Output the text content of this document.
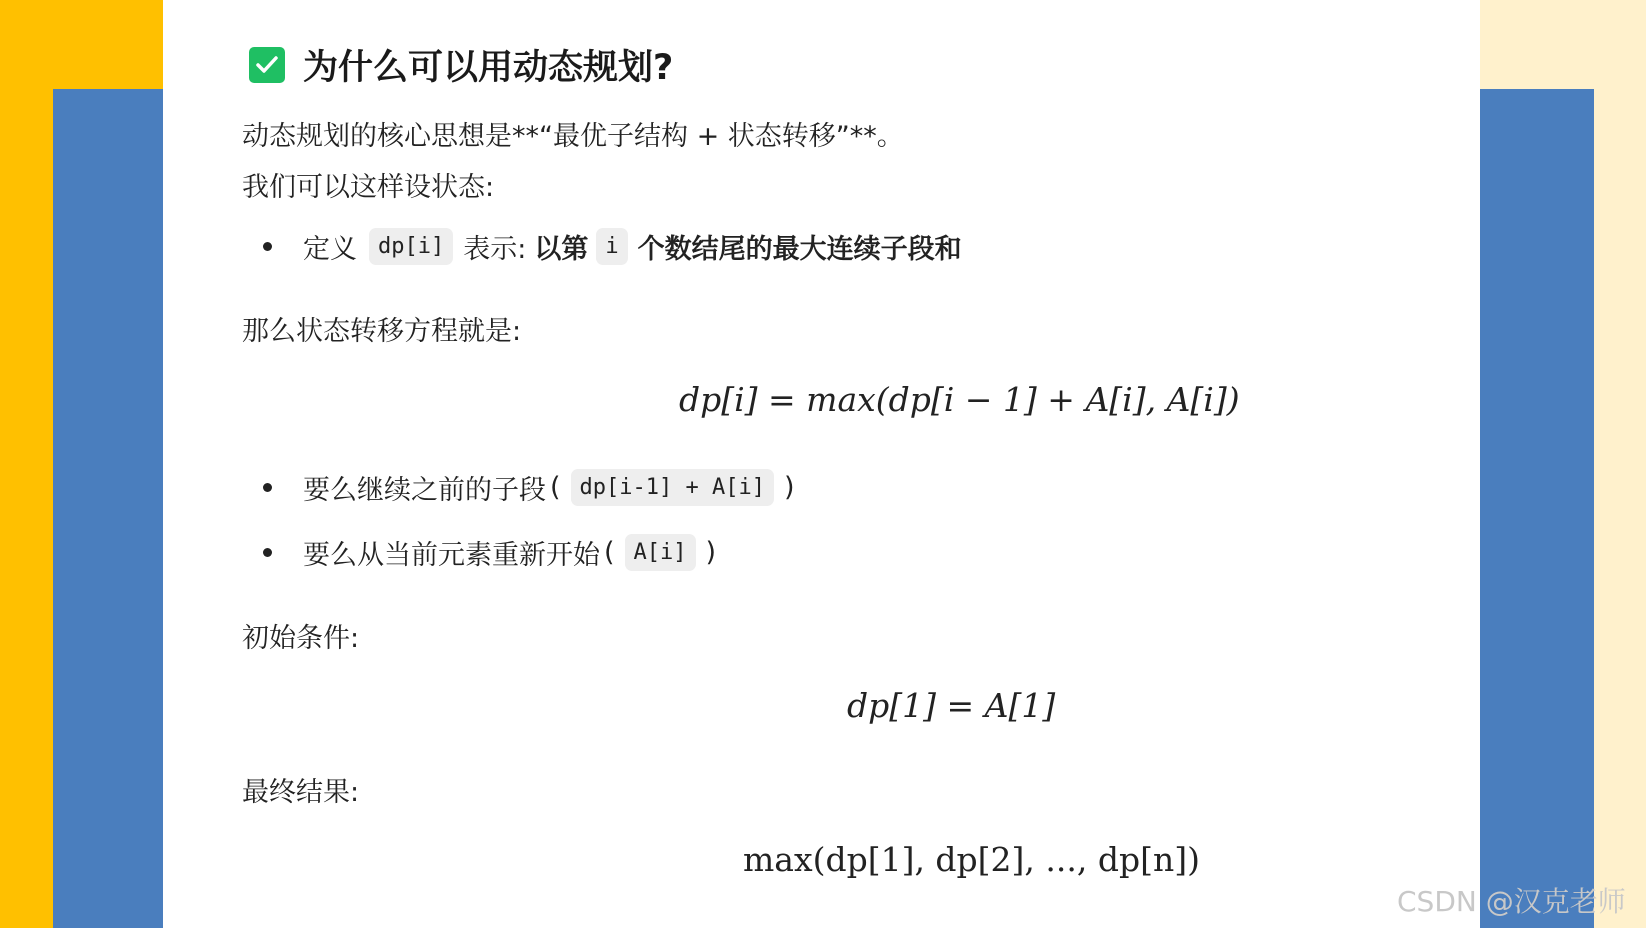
为什么可以用动态规划?
动态规划的核心思想是**“最优子结构 + 状态转移”**。
我们可以这样设状态:
定义 dp[i] 表示: 以第 i 个数结尾的最大连续子段和
那么状态转移方程就是:
dp[i] = max(dp[i − 1] + A[i], A[i])
要么继续之前的子段 ( dp[i-1] + A[i] )
要么从当前元素重新开始 ( A[i] )
初始条件:
dp[1] = A[1]
最终结果:
max(dp[1], dp[2], ..., dp[n])
CSDN @汉克老师
